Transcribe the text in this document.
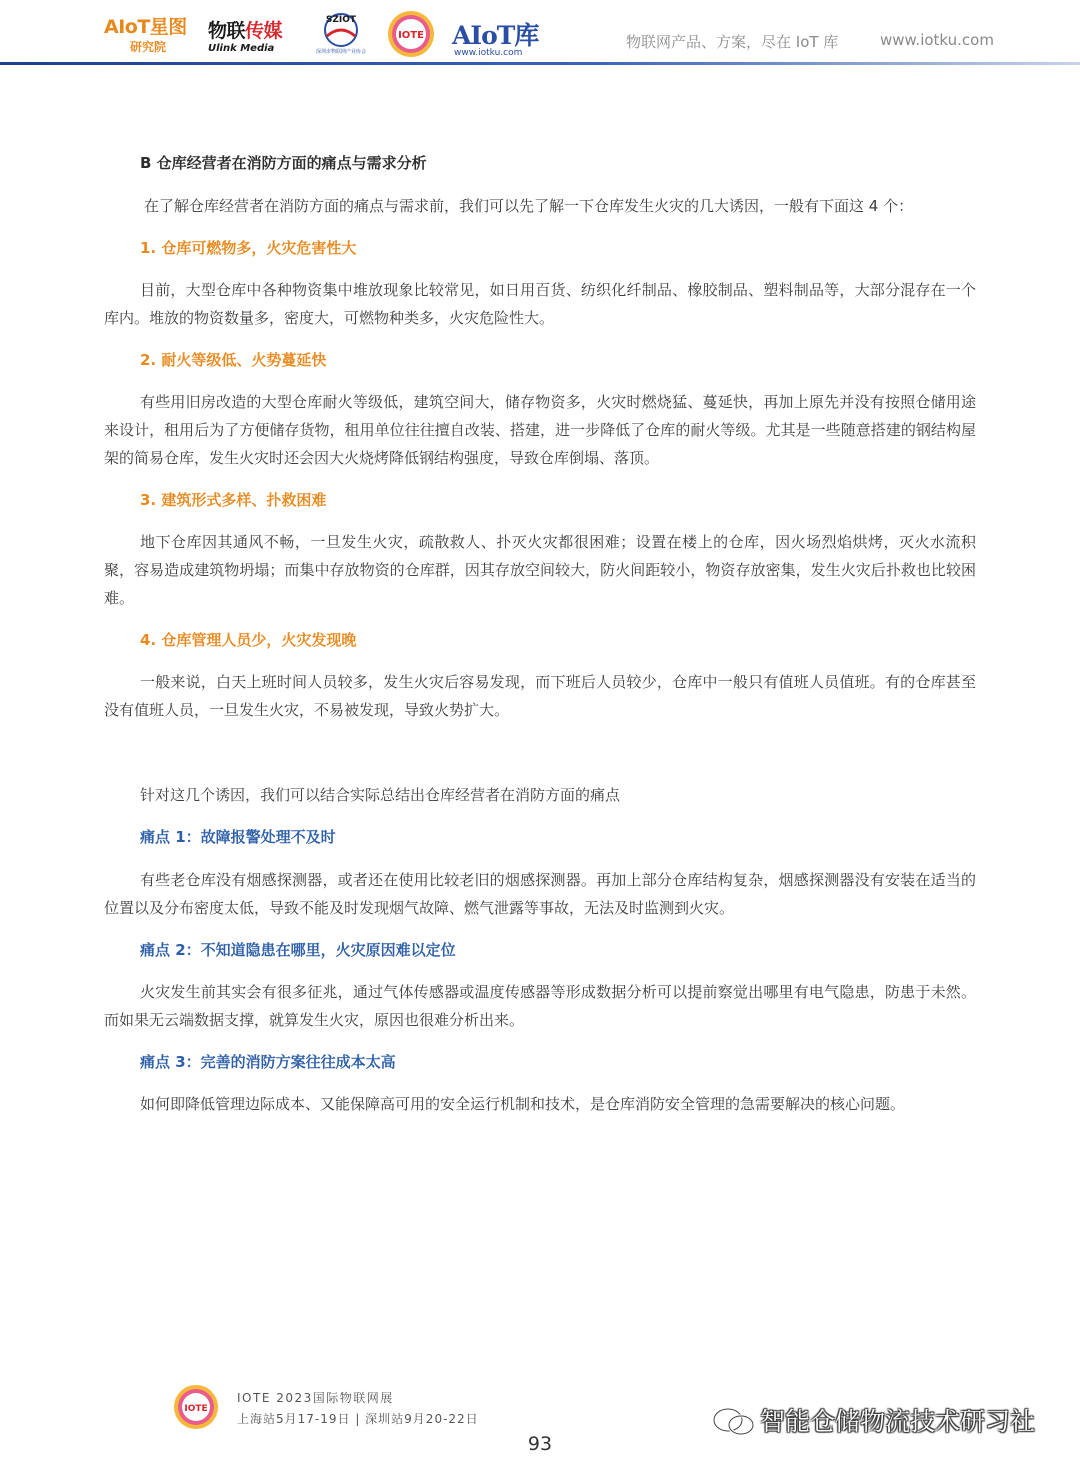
AIoT星图
研究院
物联传媒
Ulink Media
SZIOT
深圳市物联网产业协会
IOTE AIoT库
www.iotku.com
物联网产品、方案，尽在 IoT 库	www.iotku.com
B 仓库经营者在消防方面的痛点与需求分析
在了解仓库经营者在消防方面的痛点与需求前，我们可以先了解一下仓库发生火灾的几大诱因，一般有下面这 4 个：
1. 仓库可燃物多，火灾危害性大
目前，大型仓库中各种物资集中堆放现象比较常见，如日用百货、纺织化纤制品、橡胶制品、塑料制品等，大部分混存在一个库内。堆放的物资数量多，密度大，可燃物种类多，火灾危险性大。
2. 耐火等级低、火势蔓延快
有些用旧房改造的大型仓库耐火等级低，建筑空间大，储存物资多，火灾时燃烧猛、蔓延快，再加上原先并没有按照仓储用途来设计，租用后为了方便储存货物，租用单位往往擅自改装、搭建，进一步降低了仓库的耐火等级。尤其是一些随意搭建的钢结构屋架的简易仓库，发生火灾时还会因大火烧烤降低钢结构强度，导致仓库倒塌、落顶。
3. 建筑形式多样、扑救困难
地下仓库因其通风不畅，一旦发生火灾，疏散救人、扑灭火灾都很困难；设置在楼上的仓库，因火场烈焰烘烤，灭火水流积聚，容易造成建筑物坍塌；而集中存放物资的仓库群，因其存放空间较大，防火间距较小，物资存放密集，发生火灾后扑救也比较困难。
4. 仓库管理人员少，火灾发现晚
一般来说，白天上班时间人员较多，发生火灾后容易发现，而下班后人员较少，仓库中一般只有值班人员值班。有的仓库甚至没有值班人员，一旦发生火灾，不易被发现，导致火势扩大。
针对这几个诱因，我们可以结合实际总结出仓库经营者在消防方面的痛点
痛点 1：故障报警处理不及时
有些老仓库没有烟感探测器，或者还在使用比较老旧的烟感探测器。再加上部分仓库结构复杂，烟感探测器没有安装在适当的位置以及分布密度太低，导致不能及时发现烟气故障、燃气泄露等事故，无法及时监测到火灾。
痛点 2：不知道隐患在哪里，火灾原因难以定位
火灾发生前其实会有很多征兆，通过气体传感器或温度传感器等形成数据分析可以提前察觉出哪里有电气隐患，防患于未然。而如果无云端数据支撑，就算发生火灾，原因也很难分析出来。
痛点 3：完善的消防方案往往成本太高
如何即降低管理边际成本、又能保障高可用的安全运行机制和技术，是仓库消防安全管理的急需要解决的核心问题。
IOTE
IOTE 2023国际物联网展
上海站5月17-19日 | 深圳站9月20-22日	智能仓储物流技术研习社
93
